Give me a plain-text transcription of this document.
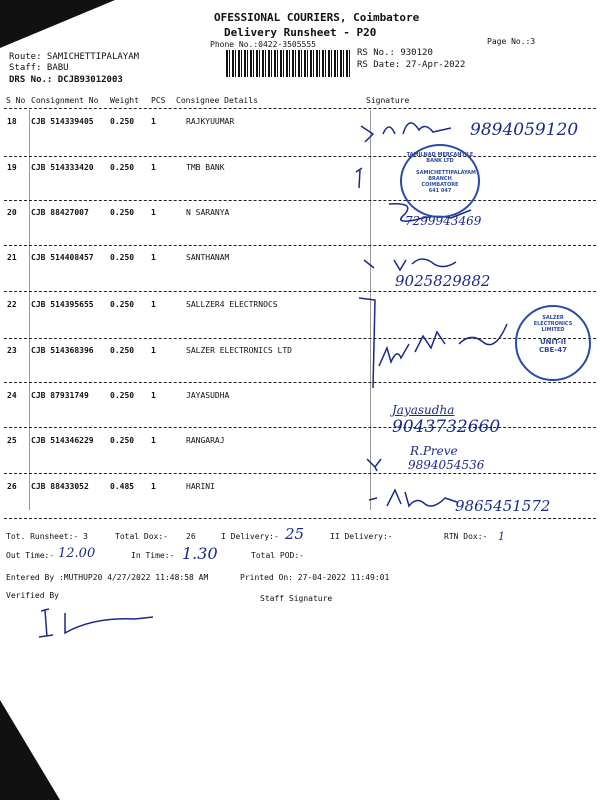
OFESSIONAL COURIERS, Coimbatore
Delivery Runsheet - P20
Phone No.:0422-3505555	Page No.:3
RS No.: 930120
RS Date: 27-Apr-2022
Route: SAMICHETTIPALAYAM
Staff: BABU
DRS No.: DCJB93012003
S No Consignment No Weight PCS Consignee Details	Signature
18 CJB 514339405 0.250 1	RAJKYUUMAR
19 CJB 514333420 0.250 1	TMB BANK
20 CJB 88427007	0.250 1	N SARANYA
21 CJB 514408457 0.250 1	SANTHANAM
22 CJB 514395655 0.250 1	SALLZER4 ELECTRNOCS
23 CJB 514368396 0.250 1	SALZER ELECTRONICS LTD
24 CJB 87931749	0.250 1	JAYASUDHA
25 CJB 514346229 0.250 1	RANGARAJ
26 CJB 88433052	0.485 1	HARINI
9894059120
7299943469
9025829882
Jayasudha
9043732660
R.Preve
9894054536
9865451572
TAMILNAD MERCANTILE BANK LTD
SAMICHETTIPALAYAM BRANCH COIMBATORE 641 047
SALZER ELECTRONICS LIMITED
UNIT-II CBE-47
Tot. Runsheet:- 3	Total Dox:- 26	I Delivery:- 25	II Delivery:-	RTN Dox:- 1
Out Time:- 12.00	In Time:- 1.30	Total POD:-
Entered By :MUTHUP20 4/27/2022 11:48:58 AM	Printed On: 27-04-2022 11:49:01
Verified By	Staff Signature
